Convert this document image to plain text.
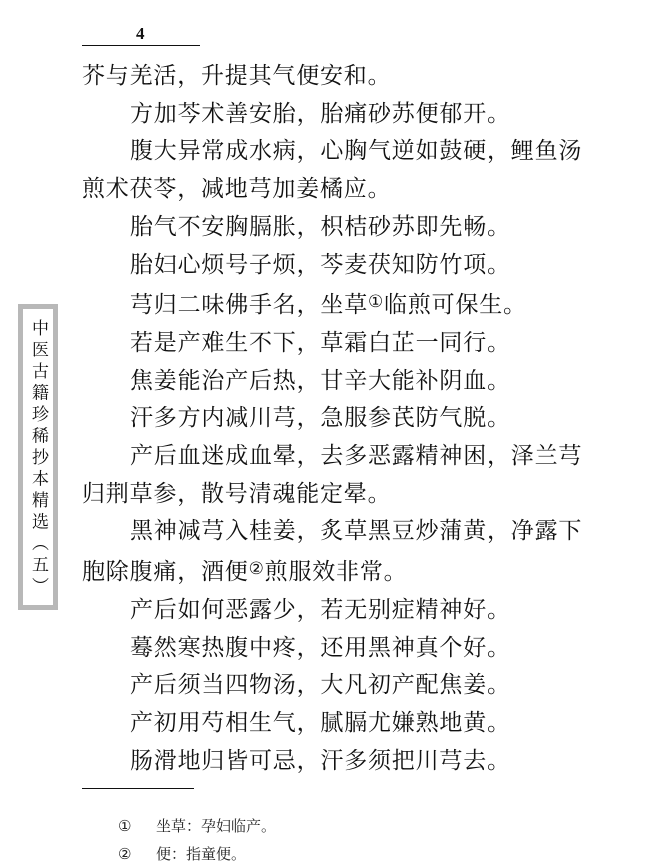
4
中医古籍珍稀抄本精选（五）
芥与羌活，升提其气便安和。
方加芩术善安胎，胎痛砂苏便郁开。
腹大异常成水病，心胸气逆如鼓硬，鲤鱼汤
煎术茯苓，减地芎加姜橘应。
胎气不安胸膈胀，枳桔砂苏即先畅。
胎妇心烦号子烦，芩麦茯知防竹项。
芎归二味佛手名，坐草①临煎可保生。
若是产难生不下，草霜白芷一同行。
焦姜能治产后热，甘辛大能补阴血。
汗多方内减川芎，急服参芪防气脱。
产后血迷成血晕，去多恶露精神困，泽兰芎
归荆草参，散号清魂能定晕。
黑神减芎入桂姜，炙草黑豆炒蒲黄，净露下
胞除腹痛，酒便②煎服效非常。
产后如何恶露少，若无别症精神好。
蓦然寒热腹中疼，还用黑神真个好。
产后须当四物汤，大凡初产配焦姜。
产初用芍相生气，腻膈尤嫌熟地黄。
肠滑地归皆可忌，汗多须把川芎去。
① 坐草：孕妇临产。
② 便：指童便。
